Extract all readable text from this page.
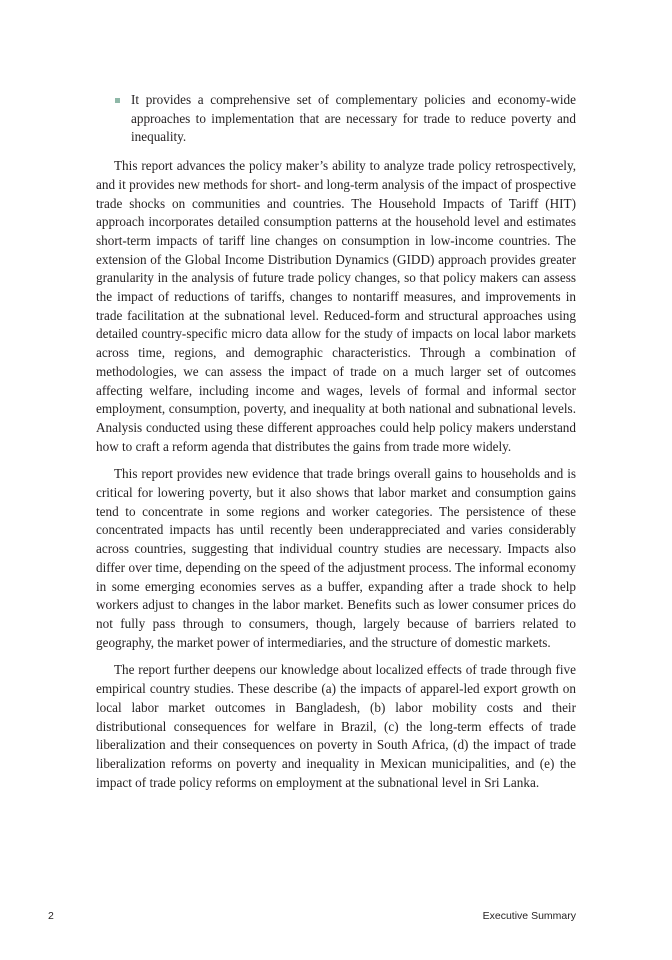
It provides a comprehensive set of complementary policies and economy-wide approaches to implementation that are necessary for trade to reduce poverty and inequality.

This report advances the policy maker’s ability to analyze trade policy retrospectively, and it provides new methods for short- and long-term analysis of the impact of prospective trade shocks on communities and countries. The Household Impacts of Tariff (HIT) approach incorporates detailed consumption patterns at the household level and estimates short-term impacts of tariff line changes on consumption in low-income countries. The extension of the Global Income Distribution Dynamics (GIDD) approach provides greater granularity in the analysis of future trade policy changes, so that policy makers can assess the impact of reductions of tariffs, changes to nontariff measures, and improvements in trade facilitation at the subnational level. Reduced-form and structural approaches using detailed country-specific micro data allow for the study of impacts on local labor markets across time, regions, and demographic characteristics. Through a combination of methodologies, we can assess the impact of trade on a much larger set of outcomes affecting welfare, including income and wages, levels of formal and informal sector employment, consumption, poverty, and inequality at both national and subnational levels. Analysis conducted using these different approaches could help policy makers understand how to craft a reform agenda that distributes the gains from trade more widely.

This report provides new evidence that trade brings overall gains to households and is critical for lowering poverty, but it also shows that labor market and consumption gains tend to concentrate in some regions and worker categories. The persistence of these concentrated impacts has until recently been underappreciated and varies considerably across countries, suggesting that individual country studies are necessary. Impacts also differ over time, depending on the speed of the adjustment process. The informal economy in some emerging economies serves as a buffer, expanding after a trade shock to help workers adjust to changes in the labor market. Benefits such as lower consumer prices do not fully pass through to consumers, though, largely because of barriers related to geography, the market power of intermediaries, and the structure of domestic markets.

The report further deepens our knowledge about localized effects of trade through five empirical country studies. These describe (a) the impacts of apparel-led export growth on local labor market outcomes in Bangladesh, (b) labor mobility costs and their distributional consequences for welfare in Brazil, (c) the long-term effects of trade liberalization and their consequences on poverty in South Africa, (d) the impact of trade liberalization reforms on poverty and inequality in Mexican municipalities, and (e) the impact of trade policy reforms on employment at the subnational level in Sri Lanka.

2	Executive Summary
